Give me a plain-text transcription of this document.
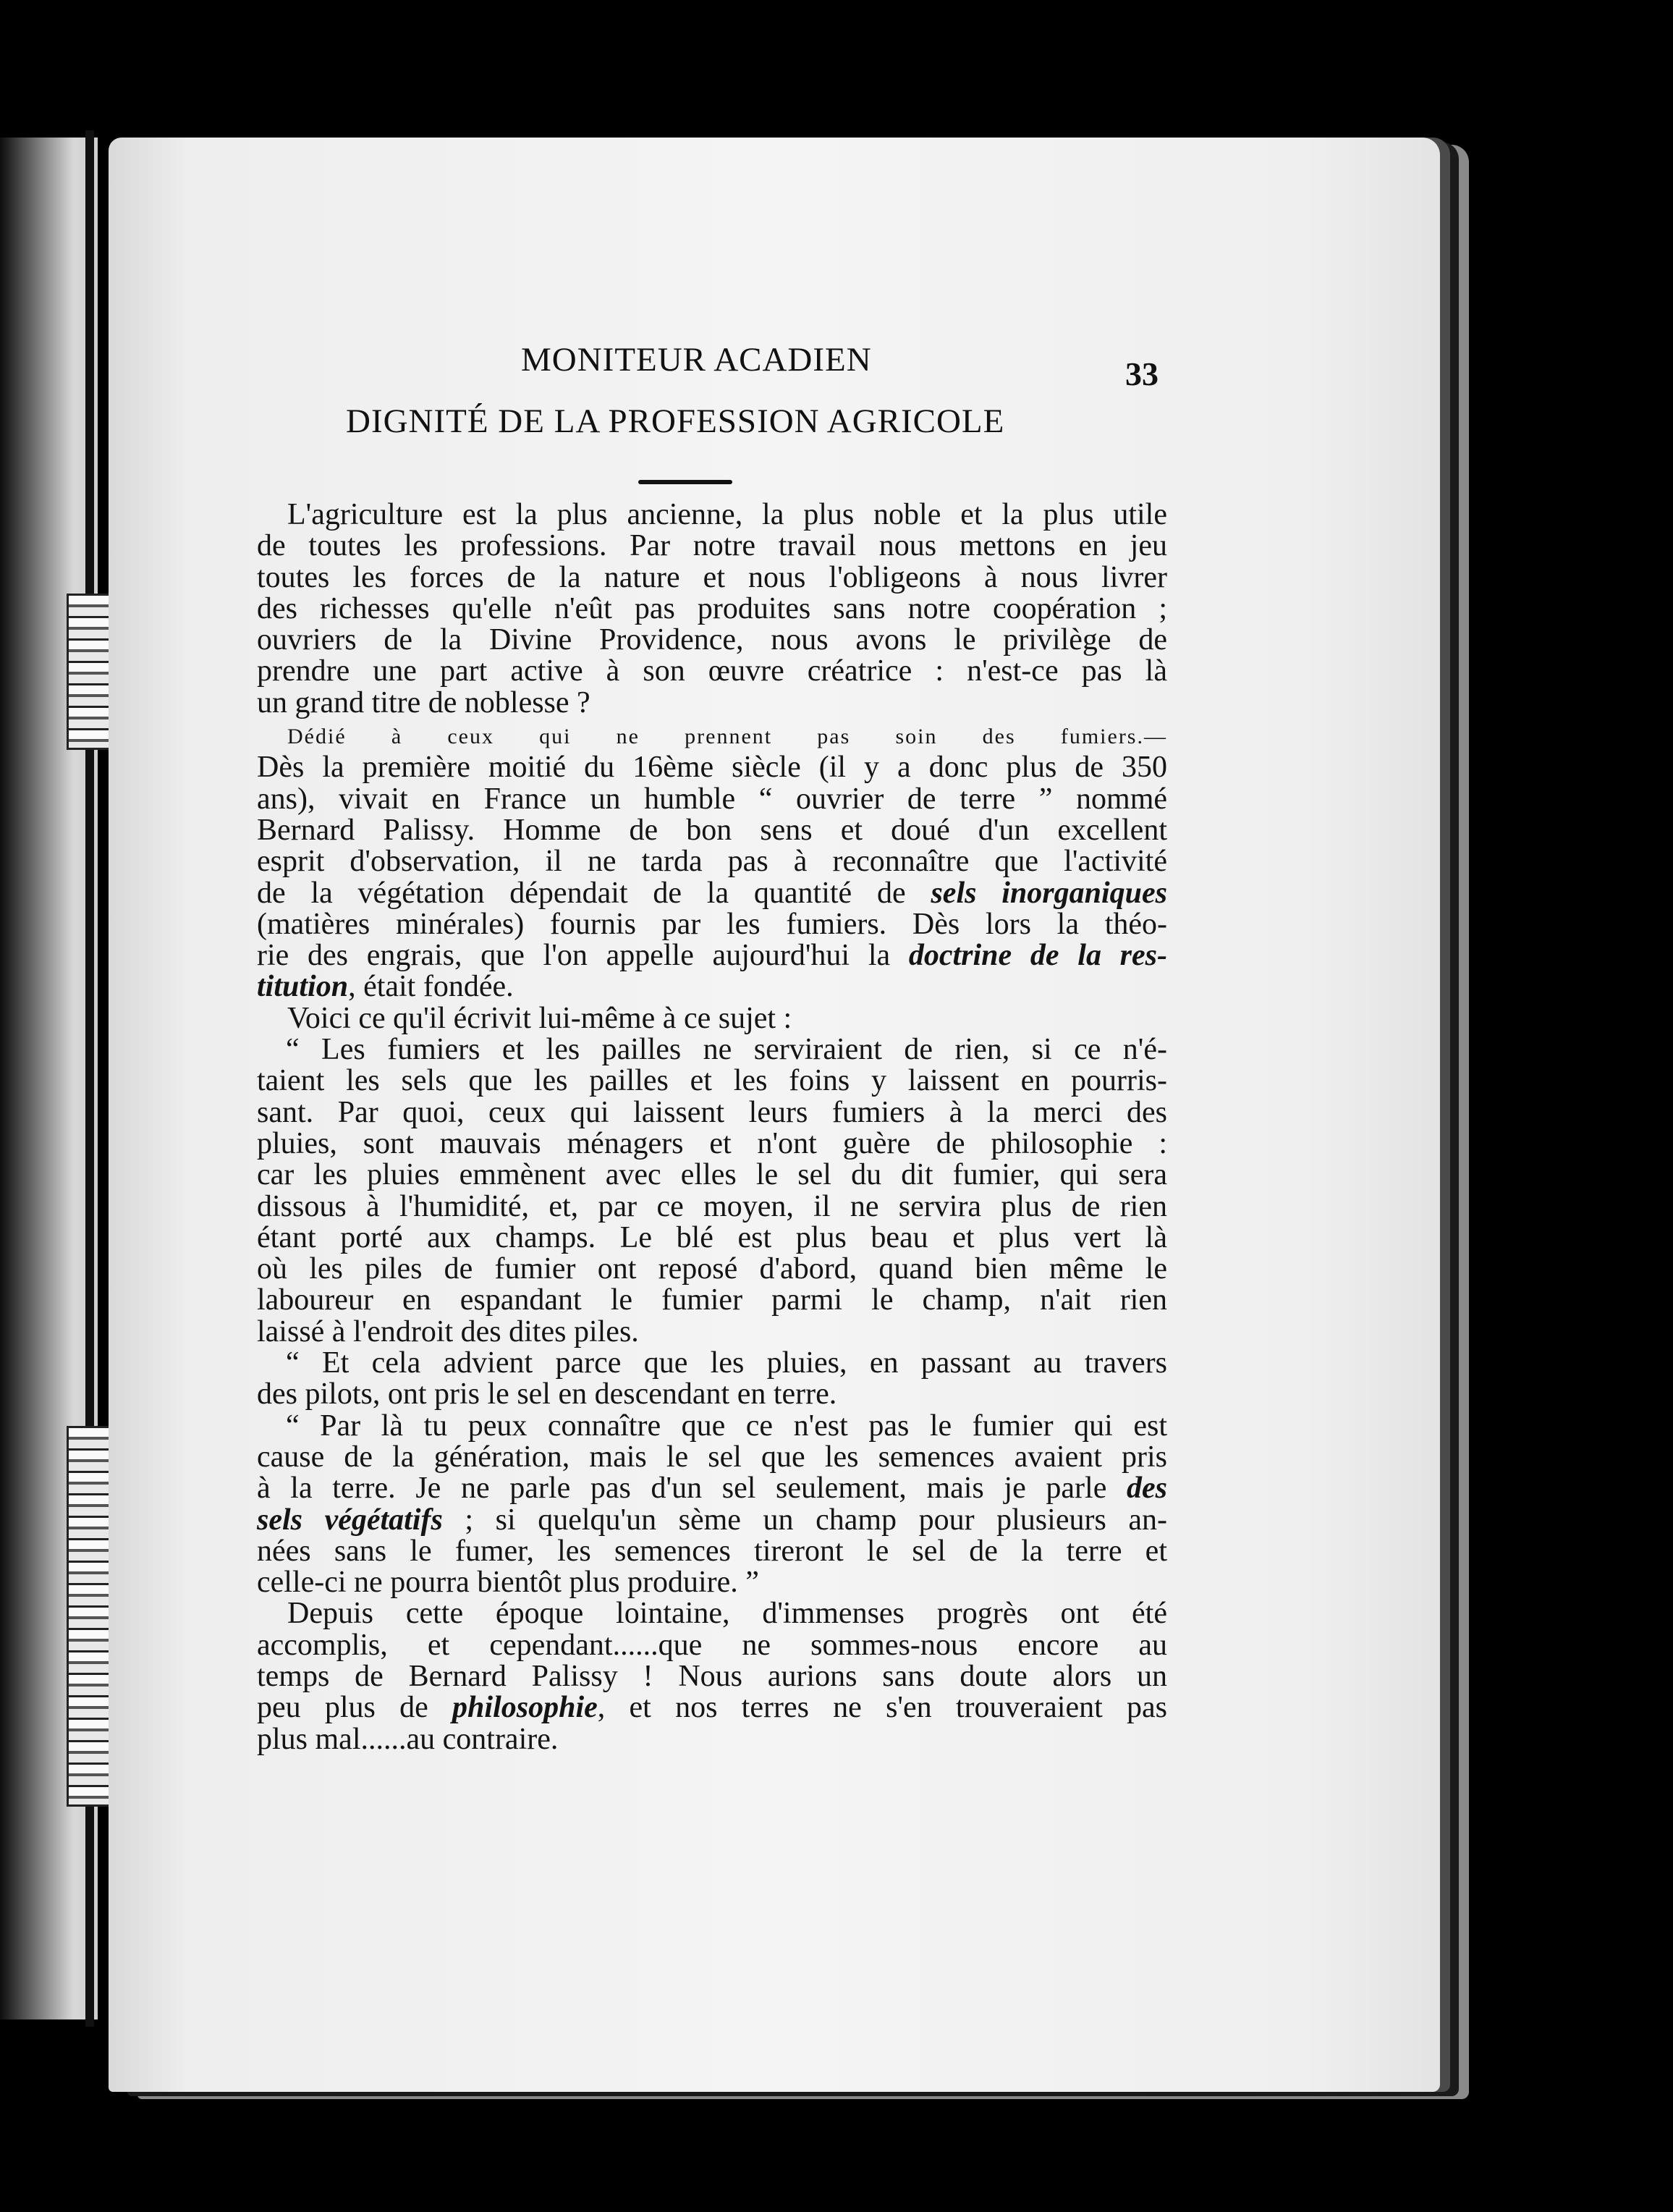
MONITEUR ACADIEN	33
DIGNITÉ DE LA PROFESSION AGRICOLE
L'agriculture est la plus ancienne, la plus noble et la plus utile
de toutes les professions. Par notre travail nous mettons en jeu
toutes les forces de la nature et nous l'obligeons à nous livrer
des richesses qu'elle n'eût pas produites sans notre coopération ;
ouvriers de la Divine Providence, nous avons le privilège de
prendre une part active à son œuvre créatrice : n'est-ce pas là
un grand titre de noblesse ?
Dédié à ceux qui ne prennent pas soin des fumiers.—
Dès la première moitié du 16ème siècle (il y a donc plus de 350
ans), vivait en France un humble “ ouvrier de terre ” nommé
Bernard Palissy. Homme de bon sens et doué d'un excellent
esprit d'observation, il ne tarda pas à reconnaître que l'activité
de la végétation dépendait de la quantité de sels inorganiques
(matières minérales) fournis par les fumiers. Dès lors la théo-
rie des engrais, que l'on appelle aujourd'hui la doctrine de la res-
titution, était fondée.
Voici ce qu'il écrivit lui-même à ce sujet :
“ Les fumiers et les pailles ne serviraient de rien, si ce n'é-
taient les sels que les pailles et les foins y laissent en pourris-
sant. Par quoi, ceux qui laissent leurs fumiers à la merci des
pluies, sont mauvais ménagers et n'ont guère de philosophie :
car les pluies emmènent avec elles le sel du dit fumier, qui sera
dissous à l'humidité, et, par ce moyen, il ne servira plus de rien
étant porté aux champs. Le blé est plus beau et plus vert là
où les piles de fumier ont reposé d'abord, quand bien même le
laboureur en espandant le fumier parmi le champ, n'ait rien
laissé à l'endroit des dites piles.
“ Et cela advient parce que les pluies, en passant au travers
des pilots, ont pris le sel en descendant en terre.
“ Par là tu peux connaître que ce n'est pas le fumier qui est
cause de la génération, mais le sel que les semences avaient pris
à la terre. Je ne parle pas d'un sel seulement, mais je parle des
sels végétatifs ; si quelqu'un sème un champ pour plusieurs an-
nées sans le fumer, les semences tireront le sel de la terre et
celle-ci ne pourra bientôt plus produire. ”
Depuis cette époque lointaine, d'immenses progrès ont été
accomplis, et cependant......que ne sommes-nous encore au
temps de Bernard Palissy ! Nous aurions sans doute alors un
peu plus de philosophie, et nos terres ne s'en trouveraient pas
plus mal......au contraire.
